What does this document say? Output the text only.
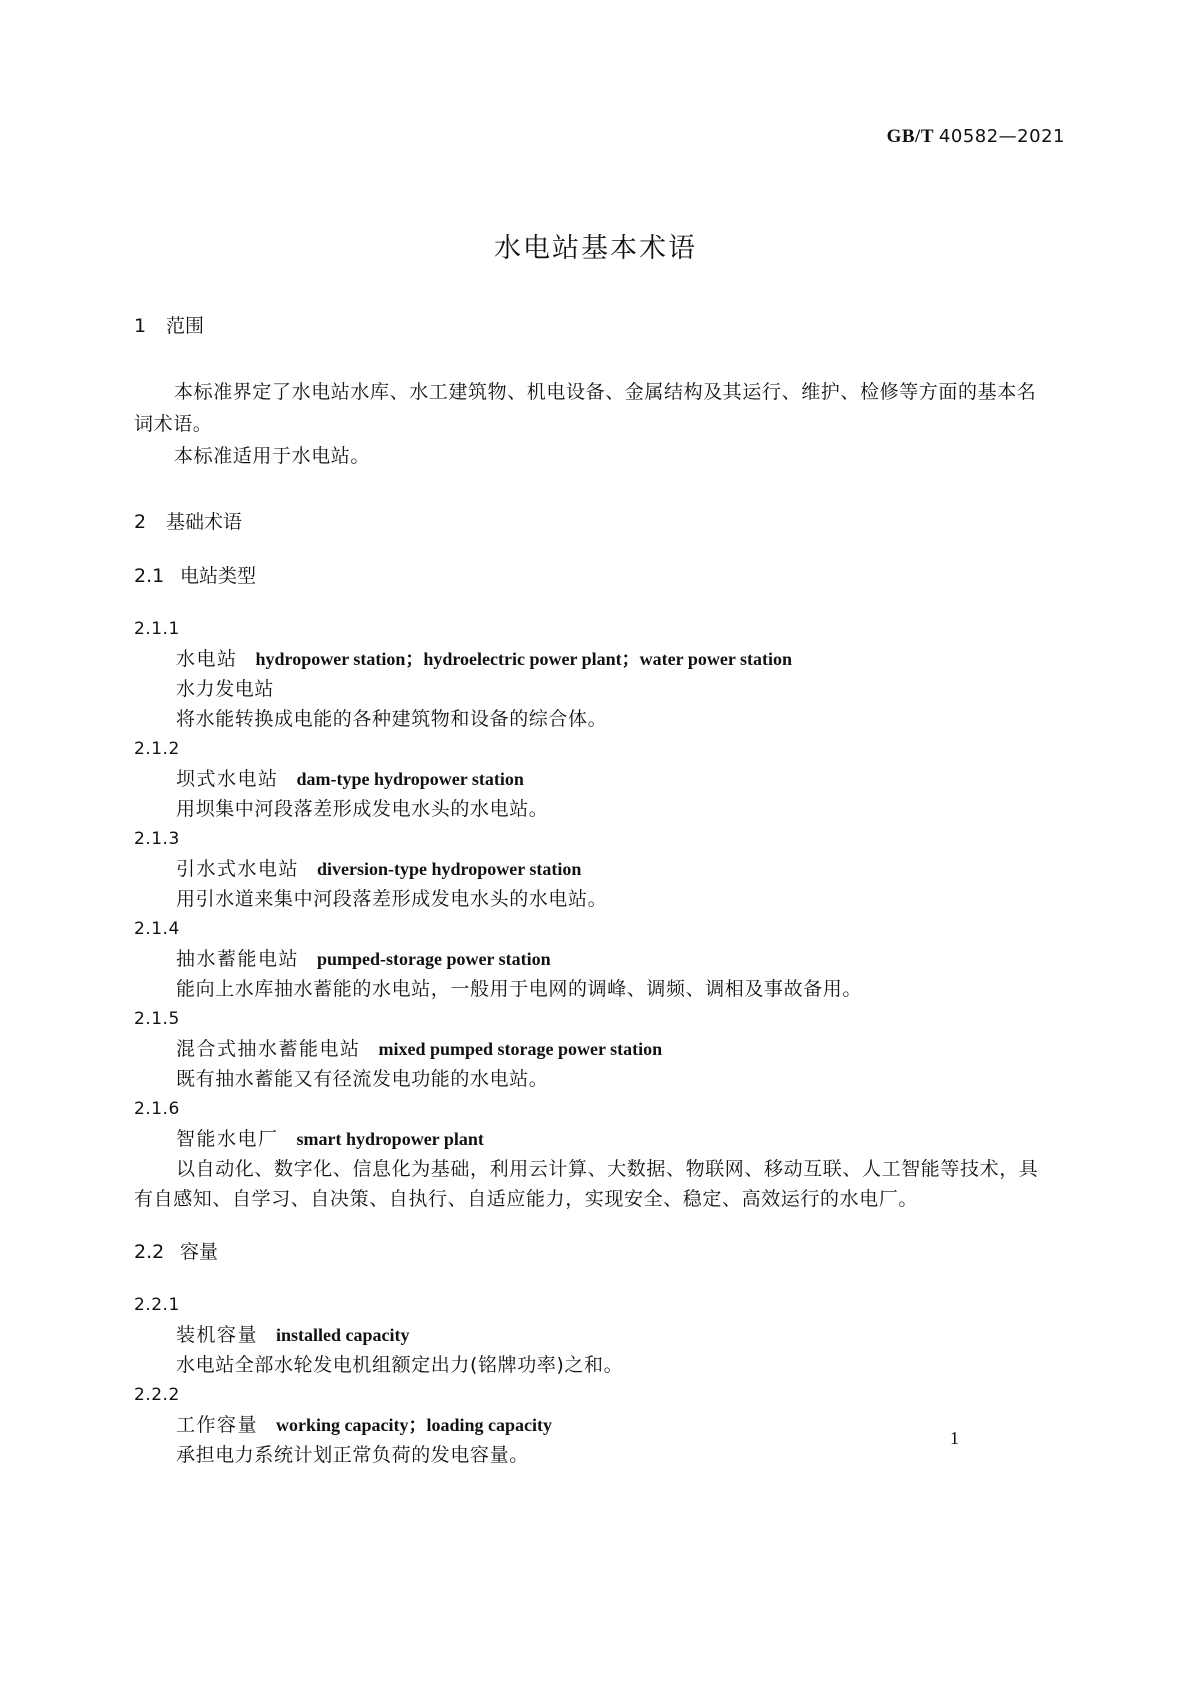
GB/T 40582—2021

水电站基本术语
1 范围

本标准界定了水电站水库、水工建筑物、机电设备、金属结构及其运行、维护、检修等方面的基本名词术语。

本标准适用于水电站。

2 基础术语
2.1 电站类型

2.1.1

水电站 hydropower station；hydroelectric power plant；water power station

水力发电站

将水能转换成电能的各种建筑物和设备的综合体。

2.1.2

坝式水电站 dam-type hydropower station

用坝集中河段落差形成发电水头的水电站。

2.1.3

引水式水电站 diversion-type hydropower station

用引水道来集中河段落差形成发电水头的水电站。

2.1.4

抽水蓄能电站 pumped-storage power station

能向上水库抽水蓄能的水电站，一般用于电网的调峰、调频、调相及事故备用。

2.1.5

混合式抽水蓄能电站 mixed pumped storage power station

既有抽水蓄能又有径流发电功能的水电站。

2.1.6

智能水电厂 smart hydropower plant

以自动化、数字化、信息化为基础，利用云计算、大数据、物联网、移动互联、人工智能等技术，具有自感知、自学习、自决策、自执行、自适应能力，实现安全、稳定、高效运行的水电厂。

2.2 容量

2.2.1

装机容量 installed capacity

水电站全部水轮发电机组额定出力(铭牌功率)之和。

2.2.2

工作容量 working capacity；loading capacity

承担电力系统计划正常负荷的发电容量。

1
